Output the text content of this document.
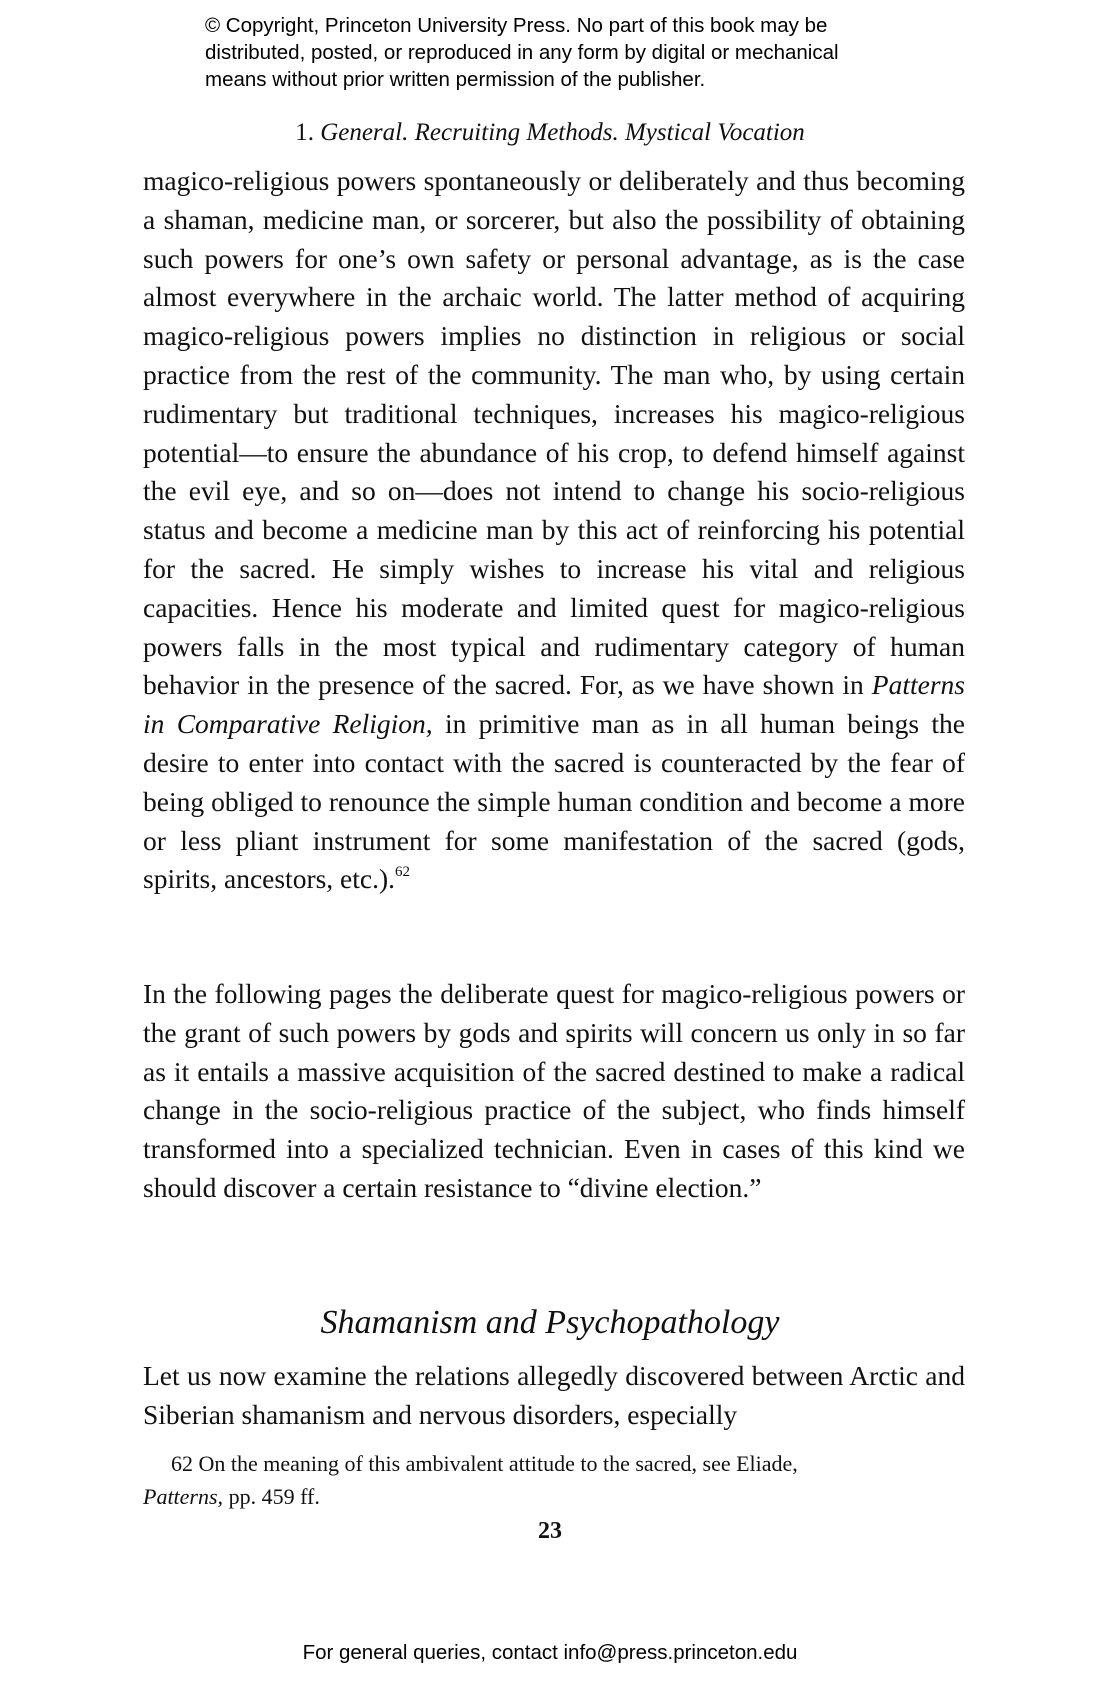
© Copyright, Princeton University Press. No part of this book may be
distributed, posted, or reproduced in any form by digital or mechanical
means without prior written permission of the publisher.
1. General. Recruiting Methods. Mystical Vocation

magico-religious powers spontaneously or deliberately and thus becoming a shaman, medicine man, or sorcerer, but also the possibility of obtaining such powers for one’s own safety or personal advantage, as is the case almost everywhere in the archaic world. The latter method of acquiring magico-religious powers implies no distinction in religious or social practice from the rest of the community. The man who, by using certain rudimentary but traditional techniques, increases his magico-religious potential—to ensure the abundance of his crop, to defend himself against the evil eye, and so on—does not intend to change his socio-religious status and become a medicine man by this act of reinforcing his potential for the sacred. He simply wishes to increase his vital and religious capacities. Hence his moderate and limited quest for magico-religious powers falls in the most typical and rudimentary category of human behavior in the presence of the sacred. For, as we have shown in Patterns in Comparative Religion, in primitive man as in all human beings the desire to enter into contact with the sacred is counteracted by the fear of being obliged to renounce the simple human condition and become a more or less pliant instrument for some manifestation of the sacred (gods, spirits, ancestors, etc.).$^{62}$

In the following pages the deliberate quest for magico-religious powers or the grant of such powers by gods and spirits will concern us only in so far as it entails a massive acquisition of the sacred destined to make a radical change in the socio-religious practice of the subject, who finds himself transformed into a specialized technician. Even in cases of this kind we should discover a certain resistance to “divine election.”

Shamanism and Psychopathology

Let us now examine the relations allegedly discovered between Arctic and Siberian shamanism and nervous disorders, especially

62 On the meaning of this ambivalent attitude to the sacred, see Eliade,
Patterns, pp. 459 ff.
23
For general queries, contact info@press.princeton.edu
